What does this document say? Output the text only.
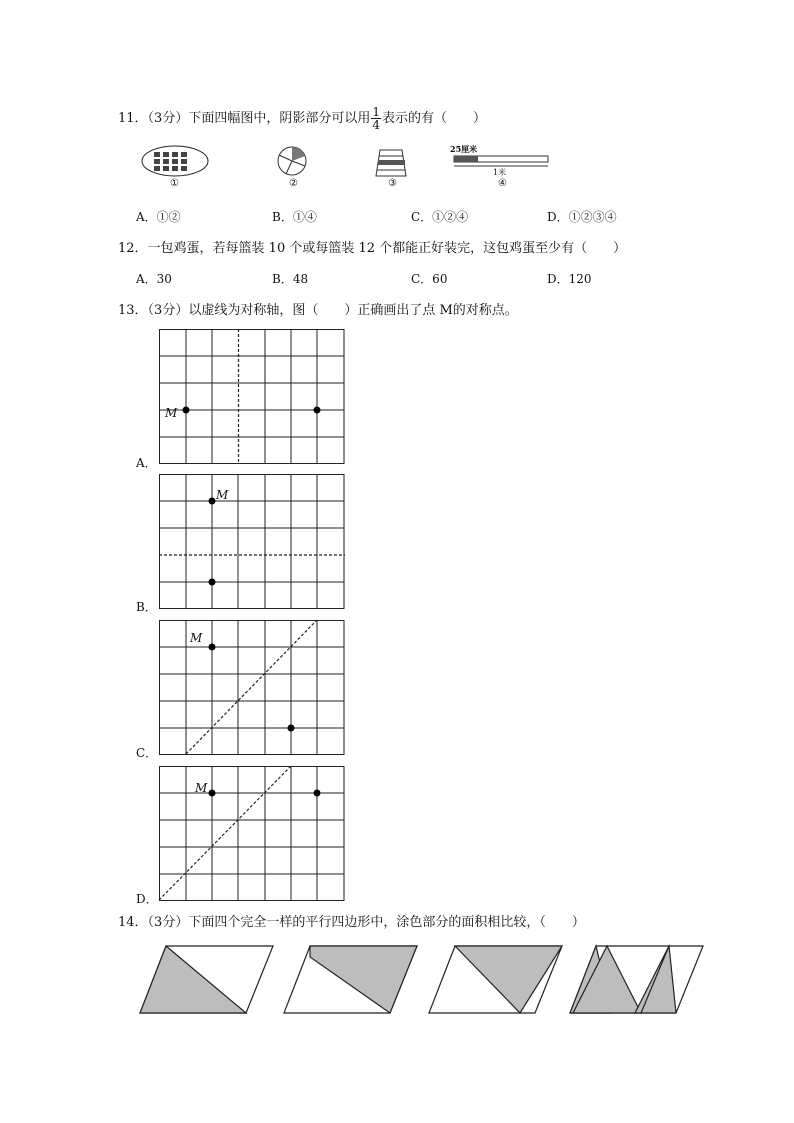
11．（3分）下面四幅图中，阴影部分可以用 $\frac{1}{4}$ 表示的有（　　）
①	②	③
25厘米
1米
④
A．①②	B．①④	C．①②④	D．①②③④
12．一包鸡蛋，若每篮装 10 个或每篮装 12 个都能正好装完，这包鸡蛋至少有（　　）
A．30	B．48	C．60	D．120
13．（3分）以虚线为对称轴，图（　　）正确画出了点 M的对称点。
A．
M
B．
M
C．
M
D．
M
14．（3分）下面四个完全一样的平行四边形中，涂色部分的面积相比较，（　　）
